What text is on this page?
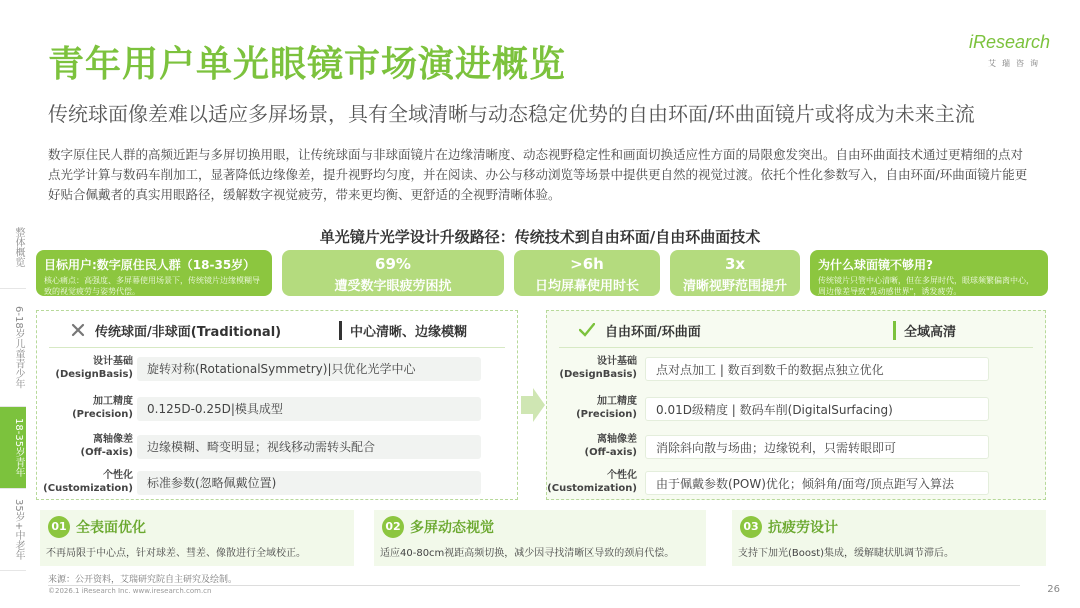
青年用户单光眼镜市场演进概览
传统球面像差难以适应多屏场景，具有全域清晰与动态稳定优势的自由环面/环曲面镜片或将成为未来主流
iResearch
艾瑞咨询
数字原住民人群的高频近距与多屏切换用眼，让传统球面与非球面镜片在边缘清晰度、动态视野稳定性和画面切换适应性方面的局限愈发突出。自由环曲面技术通过更精细的点对点光学计算与数码车削加工，显著降低边缘像差，提升视野均匀度，并在阅读、办公与移动浏览等场景中提供更自然的视觉过渡。依托个性化参数写入，自由环面/环曲面镜片能更好贴合佩戴者的真实用眼路径，缓解数字视觉疲劳，带来更均衡、更舒适的全视野清晰体验。
整体概览
6-18岁儿童青少年
18-35岁青年
35岁+中老年
单光镜片光学设计升级路径：传统技术到自由环面/自由环曲面技术
目标用户:数字原住民人群（18-35岁）
核心痛点：高强度、多屏幕使用场景下，传统镜片边缘模糊导致的视觉疲劳与姿势代偿。
69%
遭受数字眼疲劳困扰
>6h
日均屏幕使用时长
3x
清晰视野范围提升
为什么球面镜不够用?
传统镜片只管中心清晰，但在多屏时代，眼球频繁偏离中心，周边像差导致"晃动感世界"，诱发疲劳。
传统球面/非球面(Traditional)	中心清晰、边缘模糊
设计基础
(DesignBasis)	旋转对称(RotationalSymmetry)|只优化光学中心
加工精度
(Precision)	0.125D-0.25D|模具成型
离轴像差
(Off-axis)	边缘模糊、畸变明显；视线移动需转头配合
个性化
(Customization)	标准参数(忽略佩戴位置)
自由环面/环曲面	全域高清
设计基础
(DesignBasis)	点对点加工 | 数百到数千的数据点独立优化
加工精度
(Precision)	0.01D级精度 | 数码车削(DigitalSurfacing)
离轴像差
(Off-axis)	消除斜向散与场曲；边缘锐利，只需转眼即可
个性化
(Customization)	由于佩戴参数(POW)优化；倾斜角/面弯/顶点距写入算法
01 全表面优化
不再局限于中心点，针对球差、彗差、像散进行全域校正。
02 多屏动态视觉
适应40-80cm视距高频切换，减少因寻找清晰区导致的颈肩代偿。
03 抗疲劳设计
支持下加光(Boost)集成，缓解睫状肌调节滞后。
来源：公开资料，艾瑞研究院自主研究及绘制。
©2026.1 iResearch Inc. www.iresearch.com.cn	26
